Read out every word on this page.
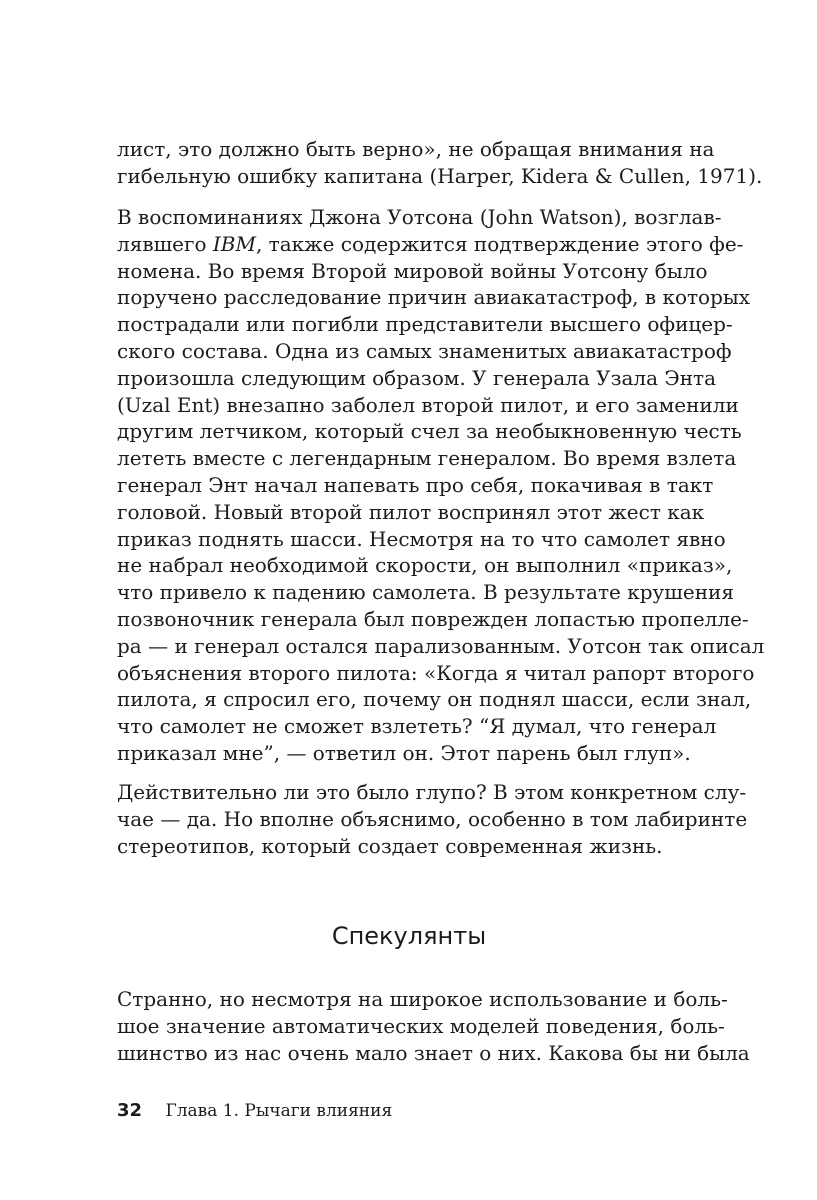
лист, это должно быть верно», не обращая внимания на
гибельную ошибку капитана (Harper, Kidera & Cullen, 1971).
В воспоминаниях Джона Уотсона (John Watson), возглав-
лявшего IBM, также содержится подтверждение этого фе-
номена. Во время Второй мировой войны Уотсону было
поручено расследование причин авиакатастроф, в которых
пострадали или погибли представители высшего офицер-
ского состава. Одна из самых знаменитых авиакатастроф
произошла следующим образом. У генерала Узала Энта
(Uzal Ent) внезапно заболел второй пилот, и его заменили
другим летчиком, который счел за необыкновенную честь
лететь вместе с легендарным генералом. Во время взлета
генерал Энт начал напевать про себя, покачивая в такт
головой. Новый второй пилот воспринял этот жест как
приказ поднять шасси. Несмотря на то что самолет явно
не набрал необходимой скорости, он выполнил «приказ»,
что привело к падению самолета. В результате крушения
позвоночник генерала был поврежден лопастью пропелле-
ра — и генерал остался парализованным. Уотсон так описал
объяснения второго пилота: «Когда я читал рапорт второго
пилота, я спросил его, почему он поднял шасси, если знал,
что самолет не сможет взлететь? “Я думал, что генерал
приказал мне”, — ответил он. Этот парень был глуп».
Действительно ли это было глупо? В этом конкретном слу-
чае — да. Но вполне объяснимо, особенно в том лабиринте
стереотипов, который создает современная жизнь.
Спекулянты
Странно, но несмотря на широкое использование и боль-
шое значение автоматических моделей поведения, боль-
шинство из нас очень мало знает о них. Какова бы ни была
32 Глава 1. Рычаги влияния
